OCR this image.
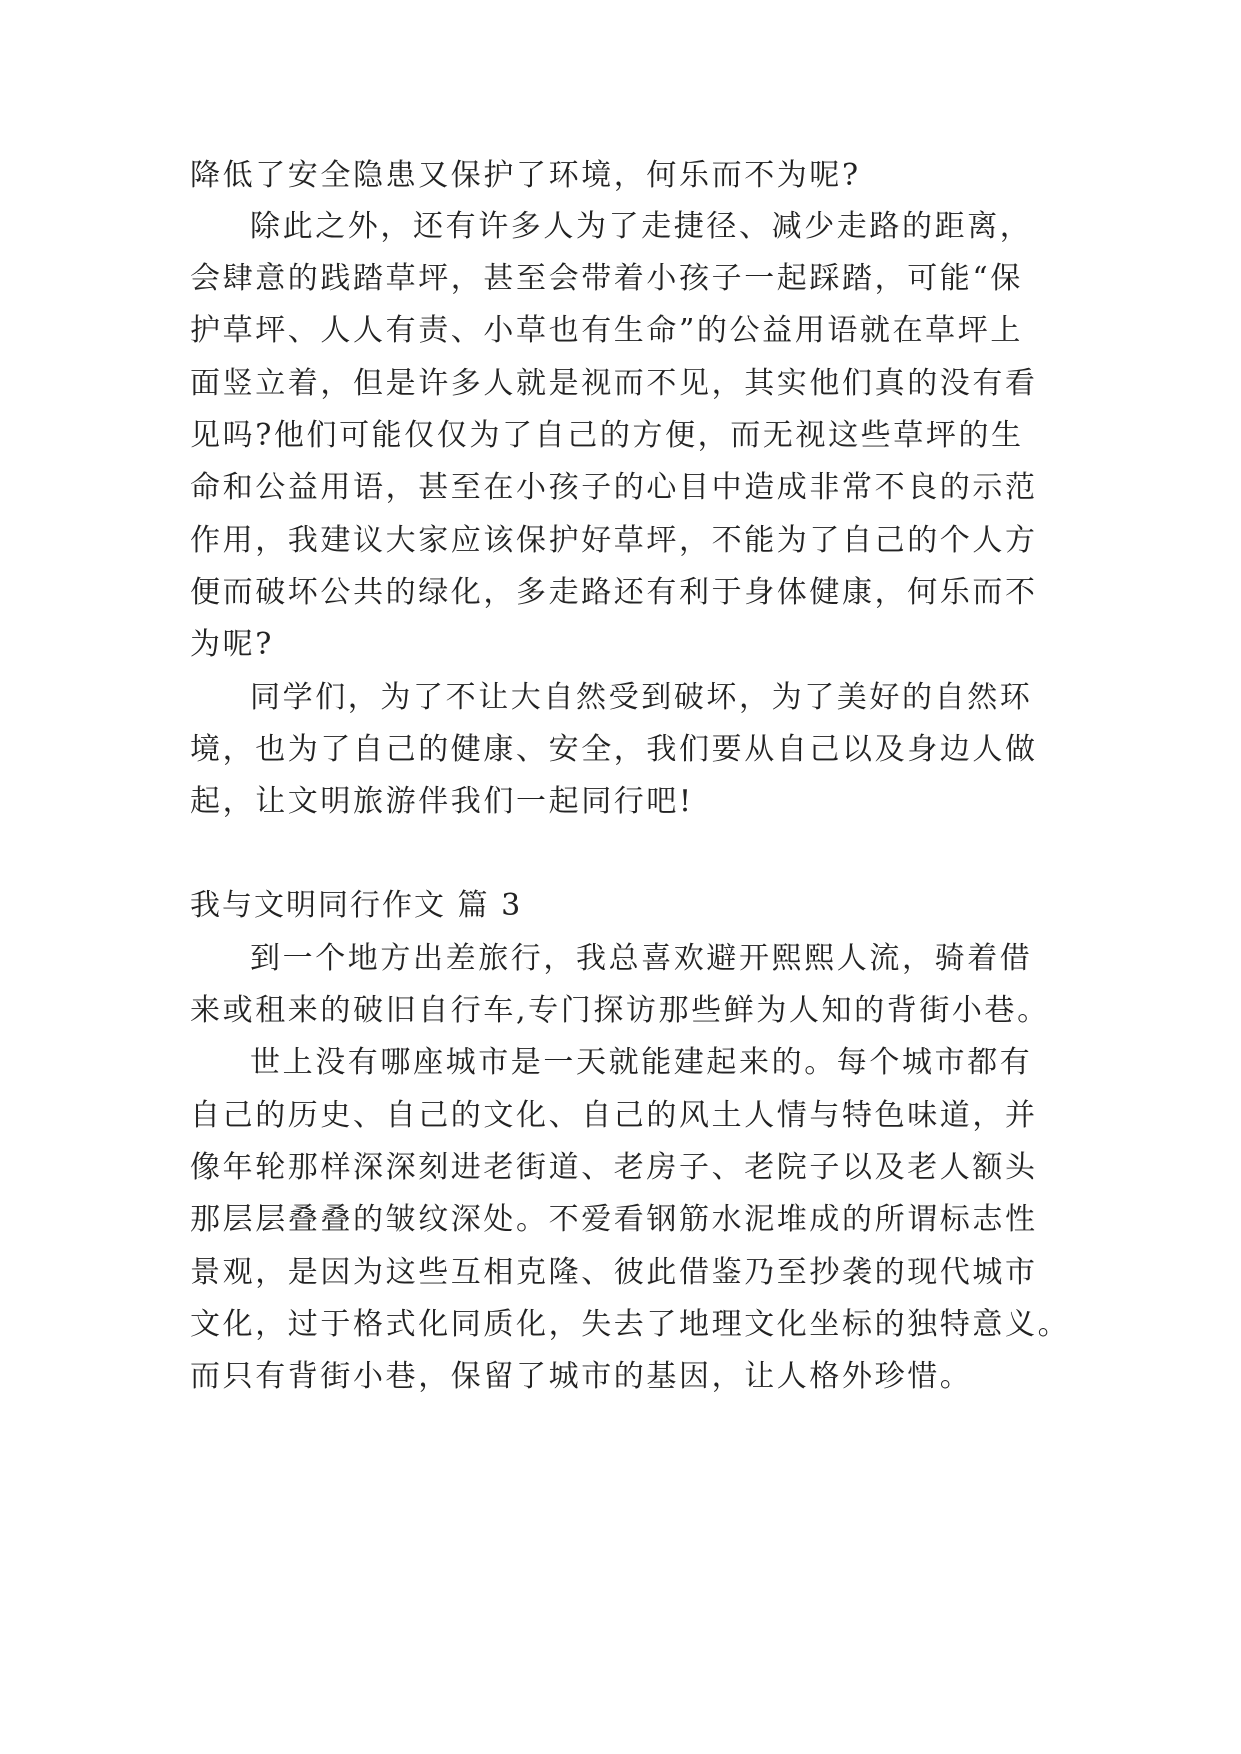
降低了安全隐患又保护了环境，何乐而不为呢?
除此之外，还有许多人为了走捷径、减少走路的距离，
会肆意的践踏草坪，甚至会带着小孩子一起踩踏，可能“保
护草坪、人人有责、小草也有生命”的公益用语就在草坪上
面竖立着，但是许多人就是视而不见，其实他们真的没有看
见吗?他们可能仅仅为了自己的方便，而无视这些草坪的生
命和公益用语，甚至在小孩子的心目中造成非常不良的示范
作用，我建议大家应该保护好草坪，不能为了自己的个人方
便而破坏公共的绿化，多走路还有利于身体健康，何乐而不
为呢?
同学们，为了不让大自然受到破坏，为了美好的自然环
境，也为了自己的健康、安全，我们要从自己以及身边人做
起，让文明旅游伴我们一起同行吧!
我与文明同行作文 篇 3
到一个地方出差旅行，我总喜欢避开熙熙人流，骑着借
来或租来的破旧自行车,专门探访那些鲜为人知的背街小巷。
世上没有哪座城市是一天就能建起来的。每个城市都有
自己的历史、自己的文化、自己的风土人情与特色味道，并
像年轮那样深深刻进老街道、老房子、老院子以及老人额头
那层层叠叠的皱纹深处。不爱看钢筋水泥堆成的所谓标志性
景观，是因为这些互相克隆、彼此借鉴乃至抄袭的现代城市
文化，过于格式化同质化，失去了地理文化坐标的独特意义。
而只有背街小巷，保留了城市的基因，让人格外珍惜。
